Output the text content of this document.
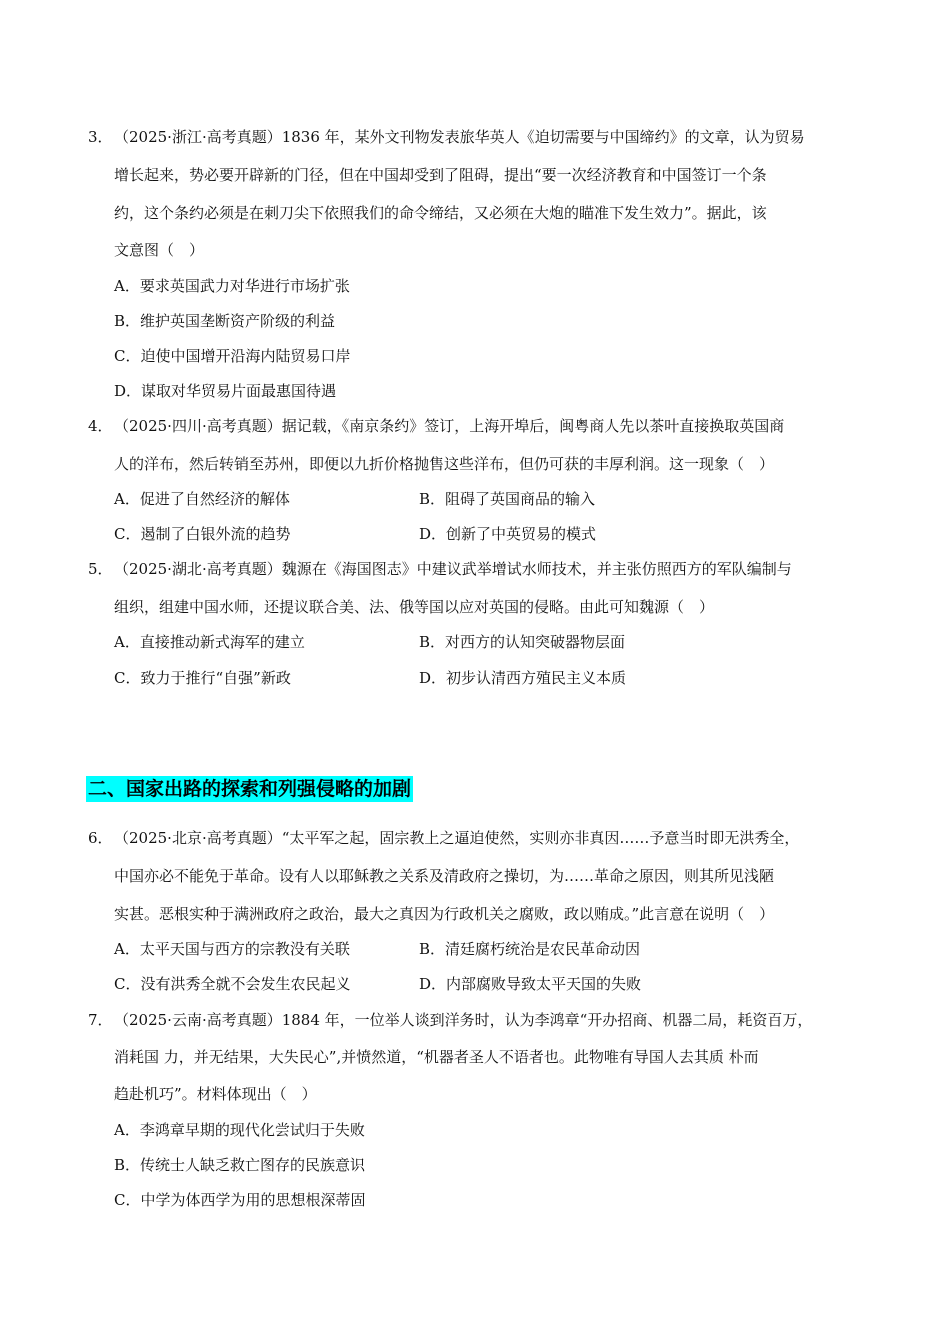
3． （2025·浙江·高考真题）1836 年，某外文刊物发表旅华英人《迫切需要与中国缔约》的文章，认为贸易
增长起来，势必要开辟新的门径，但在中国却受到了阻碍，提出“要一次经济教育和中国签订一个条
约，这个条约必须是在刺刀尖下依照我们的命令缔结，又必须在大炮的瞄准下发生效力”。据此，该
文意图（　）
A．要求英国武力对华进行市场扩张
B．维护英国垄断资产阶级的利益
C．迫使中国增开沿海内陆贸易口岸
D．谋取对华贸易片面最惠国待遇
4． （2025·四川·高考真题）据记载，《南京条约》签订，上海开埠后，闽粤商人先以茶叶直接换取英国商
人的洋布，然后转销至苏州，即便以九折价格抛售这些洋布，但仍可获的丰厚利润。这一现象（　）
A．促进了自然经济的解体	B．阻碍了英国商品的输入
C．遏制了白银外流的趋势	D．创新了中英贸易的模式
5． （2025·湖北·高考真题）魏源在《海国图志》中建议武举增试水师技术，并主张仿照西方的军队编制与
组织，组建中国水师，还提议联合美、法、俄等国以应对英国的侵略。由此可知魏源（　）
A．直接推动新式海军的建立	B．对西方的认知突破器物层面
C．致力于推行“自强”新政	D．初步认清西方殖民主义本质
二、国家出路的探索和列强侵略的加剧
6． （2025·北京·高考真题）“太平军之起，固宗教上之逼迫使然，实则亦非真因……予意当时即无洪秀全，
中国亦必不能免于革命。设有人以耶稣教之关系及清政府之操切，为……革命之原因，则其所见浅陋
实甚。恶根实种于满洲政府之政治，最大之真因为行政机关之腐败，政以贿成。”此言意在说明（　）
A．太平天国与西方的宗教没有关联	B．清廷腐朽统治是农民革命动因
C．没有洪秀全就不会发生农民起义	D．内部腐败导致太平天国的失败
7． （2025·云南·高考真题）1884 年，一位举人谈到洋务时，认为李鸿章“开办招商、机器二局，耗资百万，
消耗国 力，并无结果，大失民心”,并愤然道，“机器者圣人不语者也。此物唯有导国人去其质 朴而
趋赴机巧”。材料体现出（　）
A．李鸿章早期的现代化尝试归于失败
B．传统士人缺乏救亡图存的民族意识
C．中学为体西学为用的思想根深蒂固
